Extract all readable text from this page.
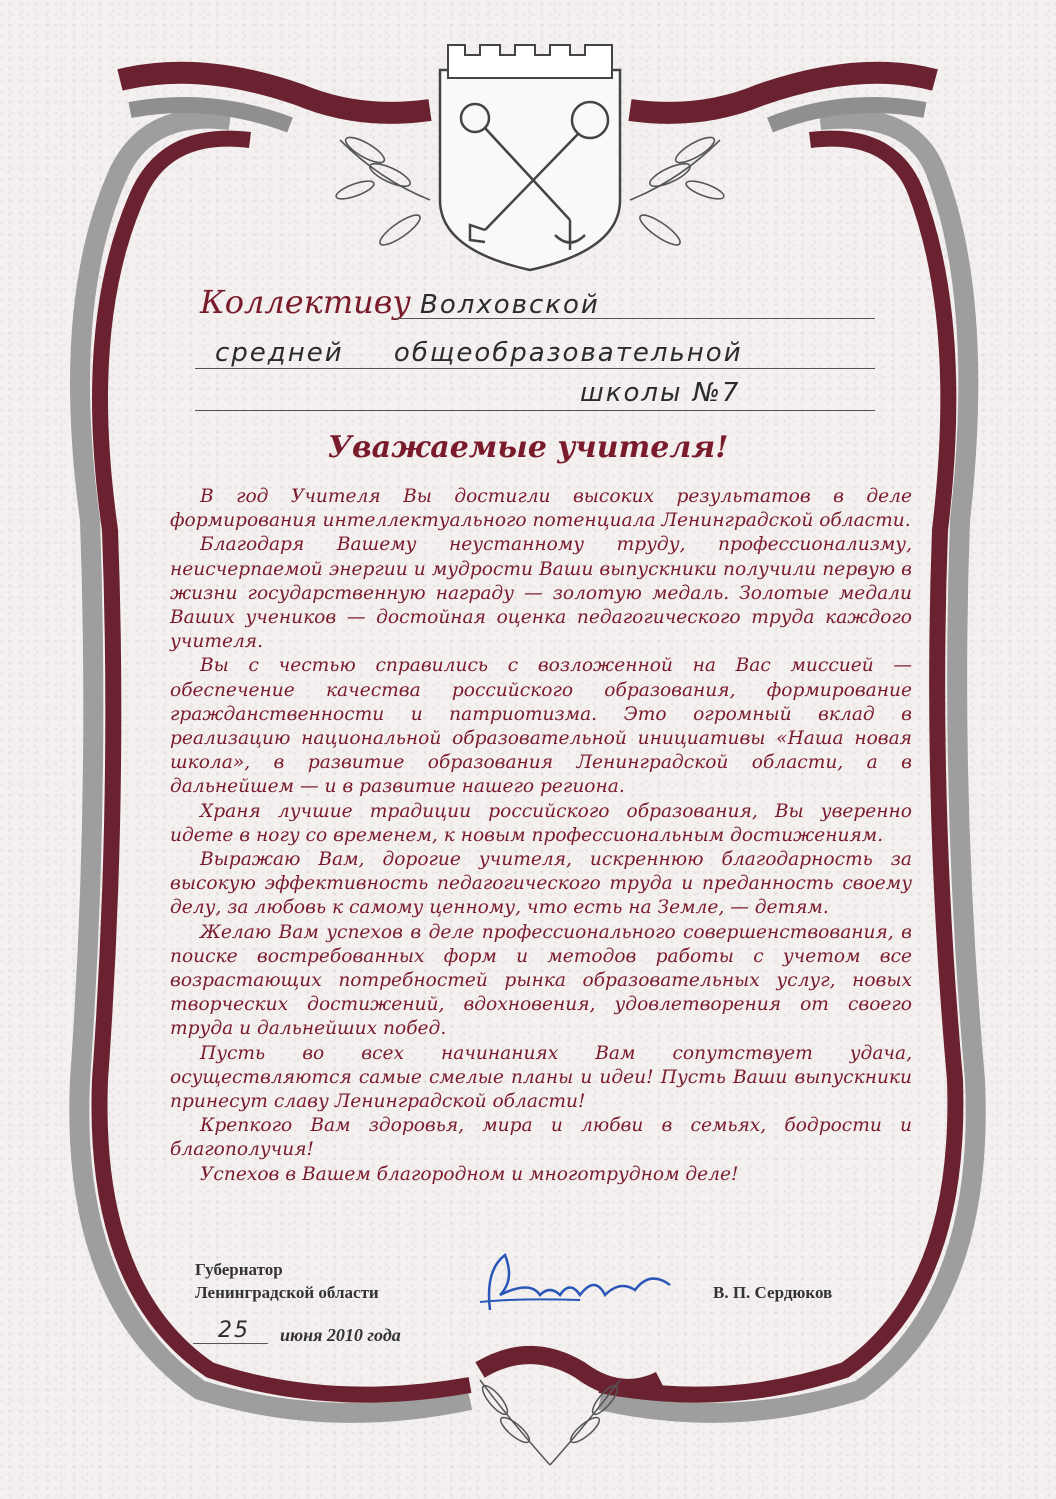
Коллективу Волховской
средней общеобразовательной
школы №7
Уважаемые учителя!

В год Учителя Вы достигли высоких результатов в деле формирования интеллектуального потенциала Ленинградской области.

Благодаря Вашему неустанному труду, профессионализму, неисчерпаемой энергии и мудрости Ваши выпускники получили первую в жизни государственную награду — золотую медаль. Золотые медали Ваших учеников — достойная оценка педагогического труда каждого учителя.

Вы с честью справились с возложенной на Вас миссией — обеспечение качества российского образования, формирование гражданственности и патриотизма. Это огромный вклад в реализацию национальной образовательной инициативы «Наша новая школа», в развитие образования Ленинградской области, а в дальнейшем — и в развитие нашего региона.

Храня лучшие традиции российского образования, Вы уверенно идете в ногу со временем, к новым профессиональным достижениям.

Выражаю Вам, дорогие учителя, искреннюю благодарность за высокую эффективность педагогического труда и преданность своему делу, за любовь к самому ценному, что есть на Земле, — детям.

Желаю Вам успехов в деле профессионального совершенствования, в поиске востребованных форм и методов работы с учетом все возрастающих потребностей рынка образовательных услуг, новых творческих достижений, вдохновения, удовлетворения от своего труда и дальнейших побед.

Пусть во всех начинаниях Вам сопутствует удача, осуществляются самые смелые планы и идеи! Пусть Ваши выпускники принесут славу Ленинградской области!

Крепкого Вам здоровья, мира и любви в семьях, бодрости и благополучия!

Успехов в Вашем благородном и многотрудном деле!

Губернатор
Ленинградской области	В. П. Сердюков
25 июня 2010 года
